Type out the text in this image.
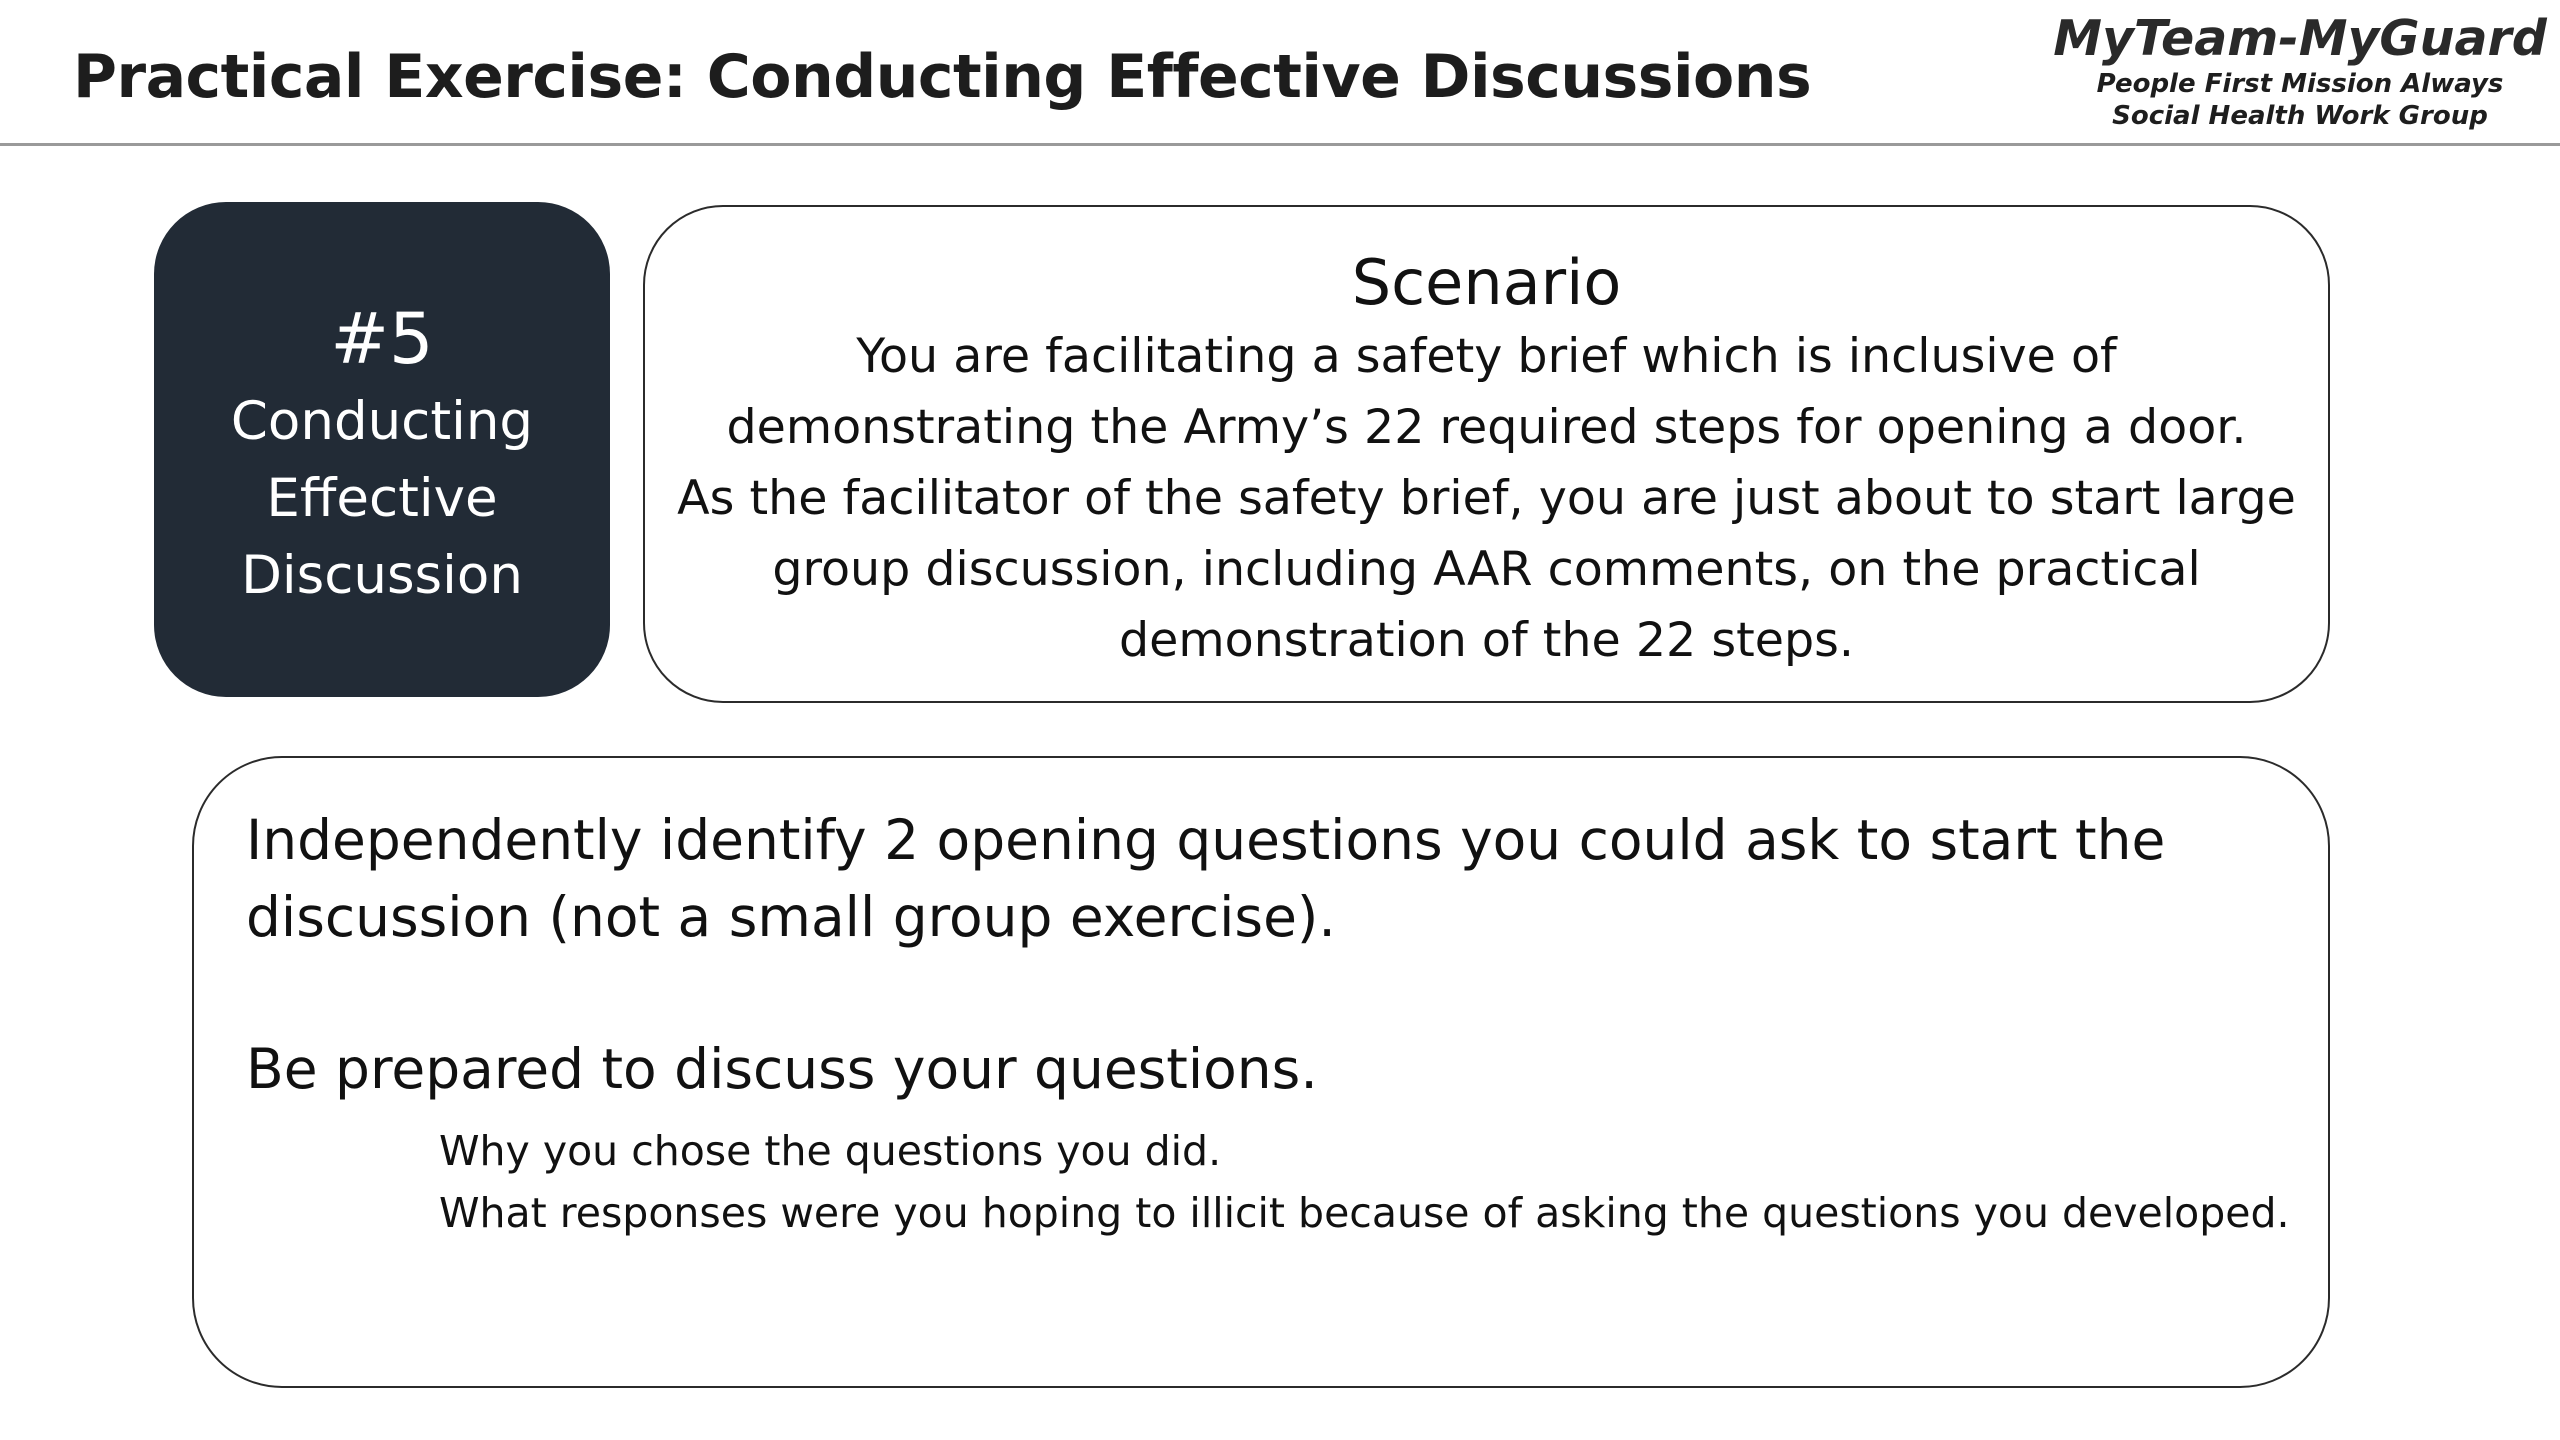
Practical Exercise: Conducting Effective Discussions
MyTeam-MyGuard
People First Mission Always
Social Health Work Group
#5
Conducting
Effective
Discussion
Scenario
You are facilitating a safety brief which is inclusive of
demonstrating the Army’s 22 required steps for opening a door.
As the facilitator of the safety brief, you are just about to start large
group discussion, including AAR comments, on the practical
demonstration of the 22 steps.
Independently identify 2 opening questions you could ask to start the
discussion (not a small group exercise).
Be prepared to discuss your questions.
Why you chose the questions you did.
What responses were you hoping to illicit because of asking the questions you developed.
